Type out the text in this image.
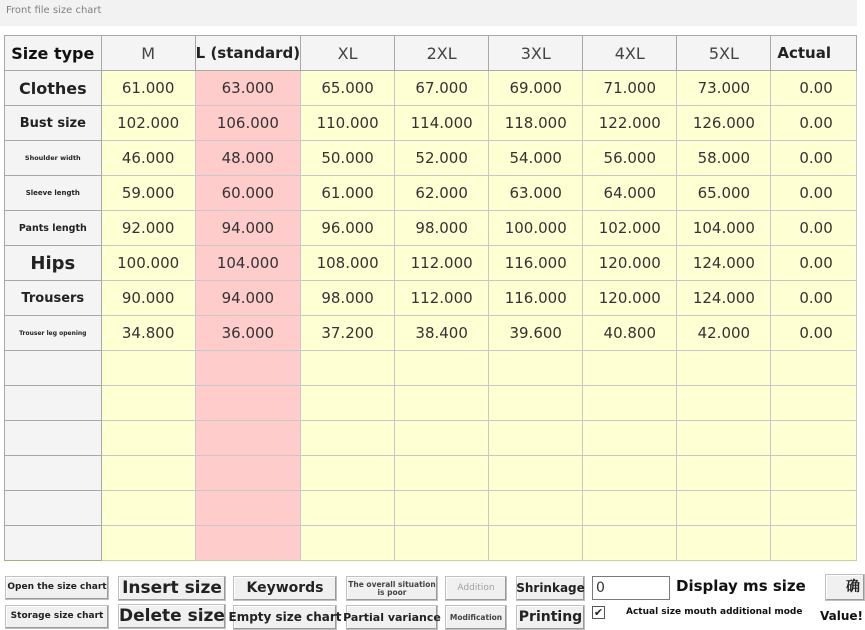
Front file size chart
Size type	M	L (standard)	XL	2XL	3XL	4XL	5XL	Actual
Clothes	61.000	63.000	65.000	67.000	69.000	71.000	73.000	0.00
Bust size	102.000	106.000	110.000	114.000	118.000	122.000	126.000	0.00
Shoulder width	46.000	48.000	50.000	52.000	54.000	56.000	58.000	0.00
Sleeve length	59.000	60.000	61.000	62.000	63.000	64.000	65.000	0.00
Pants length	92.000	94.000	96.000	98.000	100.000	102.000	104.000	0.00
Hips	100.000	104.000	108.000	112.000	116.000	120.000	124.000	0.00
Trousers	90.000	94.000	98.000	112.000	116.000	120.000	124.000	0.00
Trouser leg opening	34.800	36.000	37.200	38.400	39.600	40.800	42.000	0.00

Open the size chart
Storage size chart
Insert size
Delete size
Keywords
Empty size chart
The overall situation is poor
Partial variance
Addition
Modification
Shrinkage
Printing
0	Display ms size
✔	Actual size mouth additional mode
确
Value!
